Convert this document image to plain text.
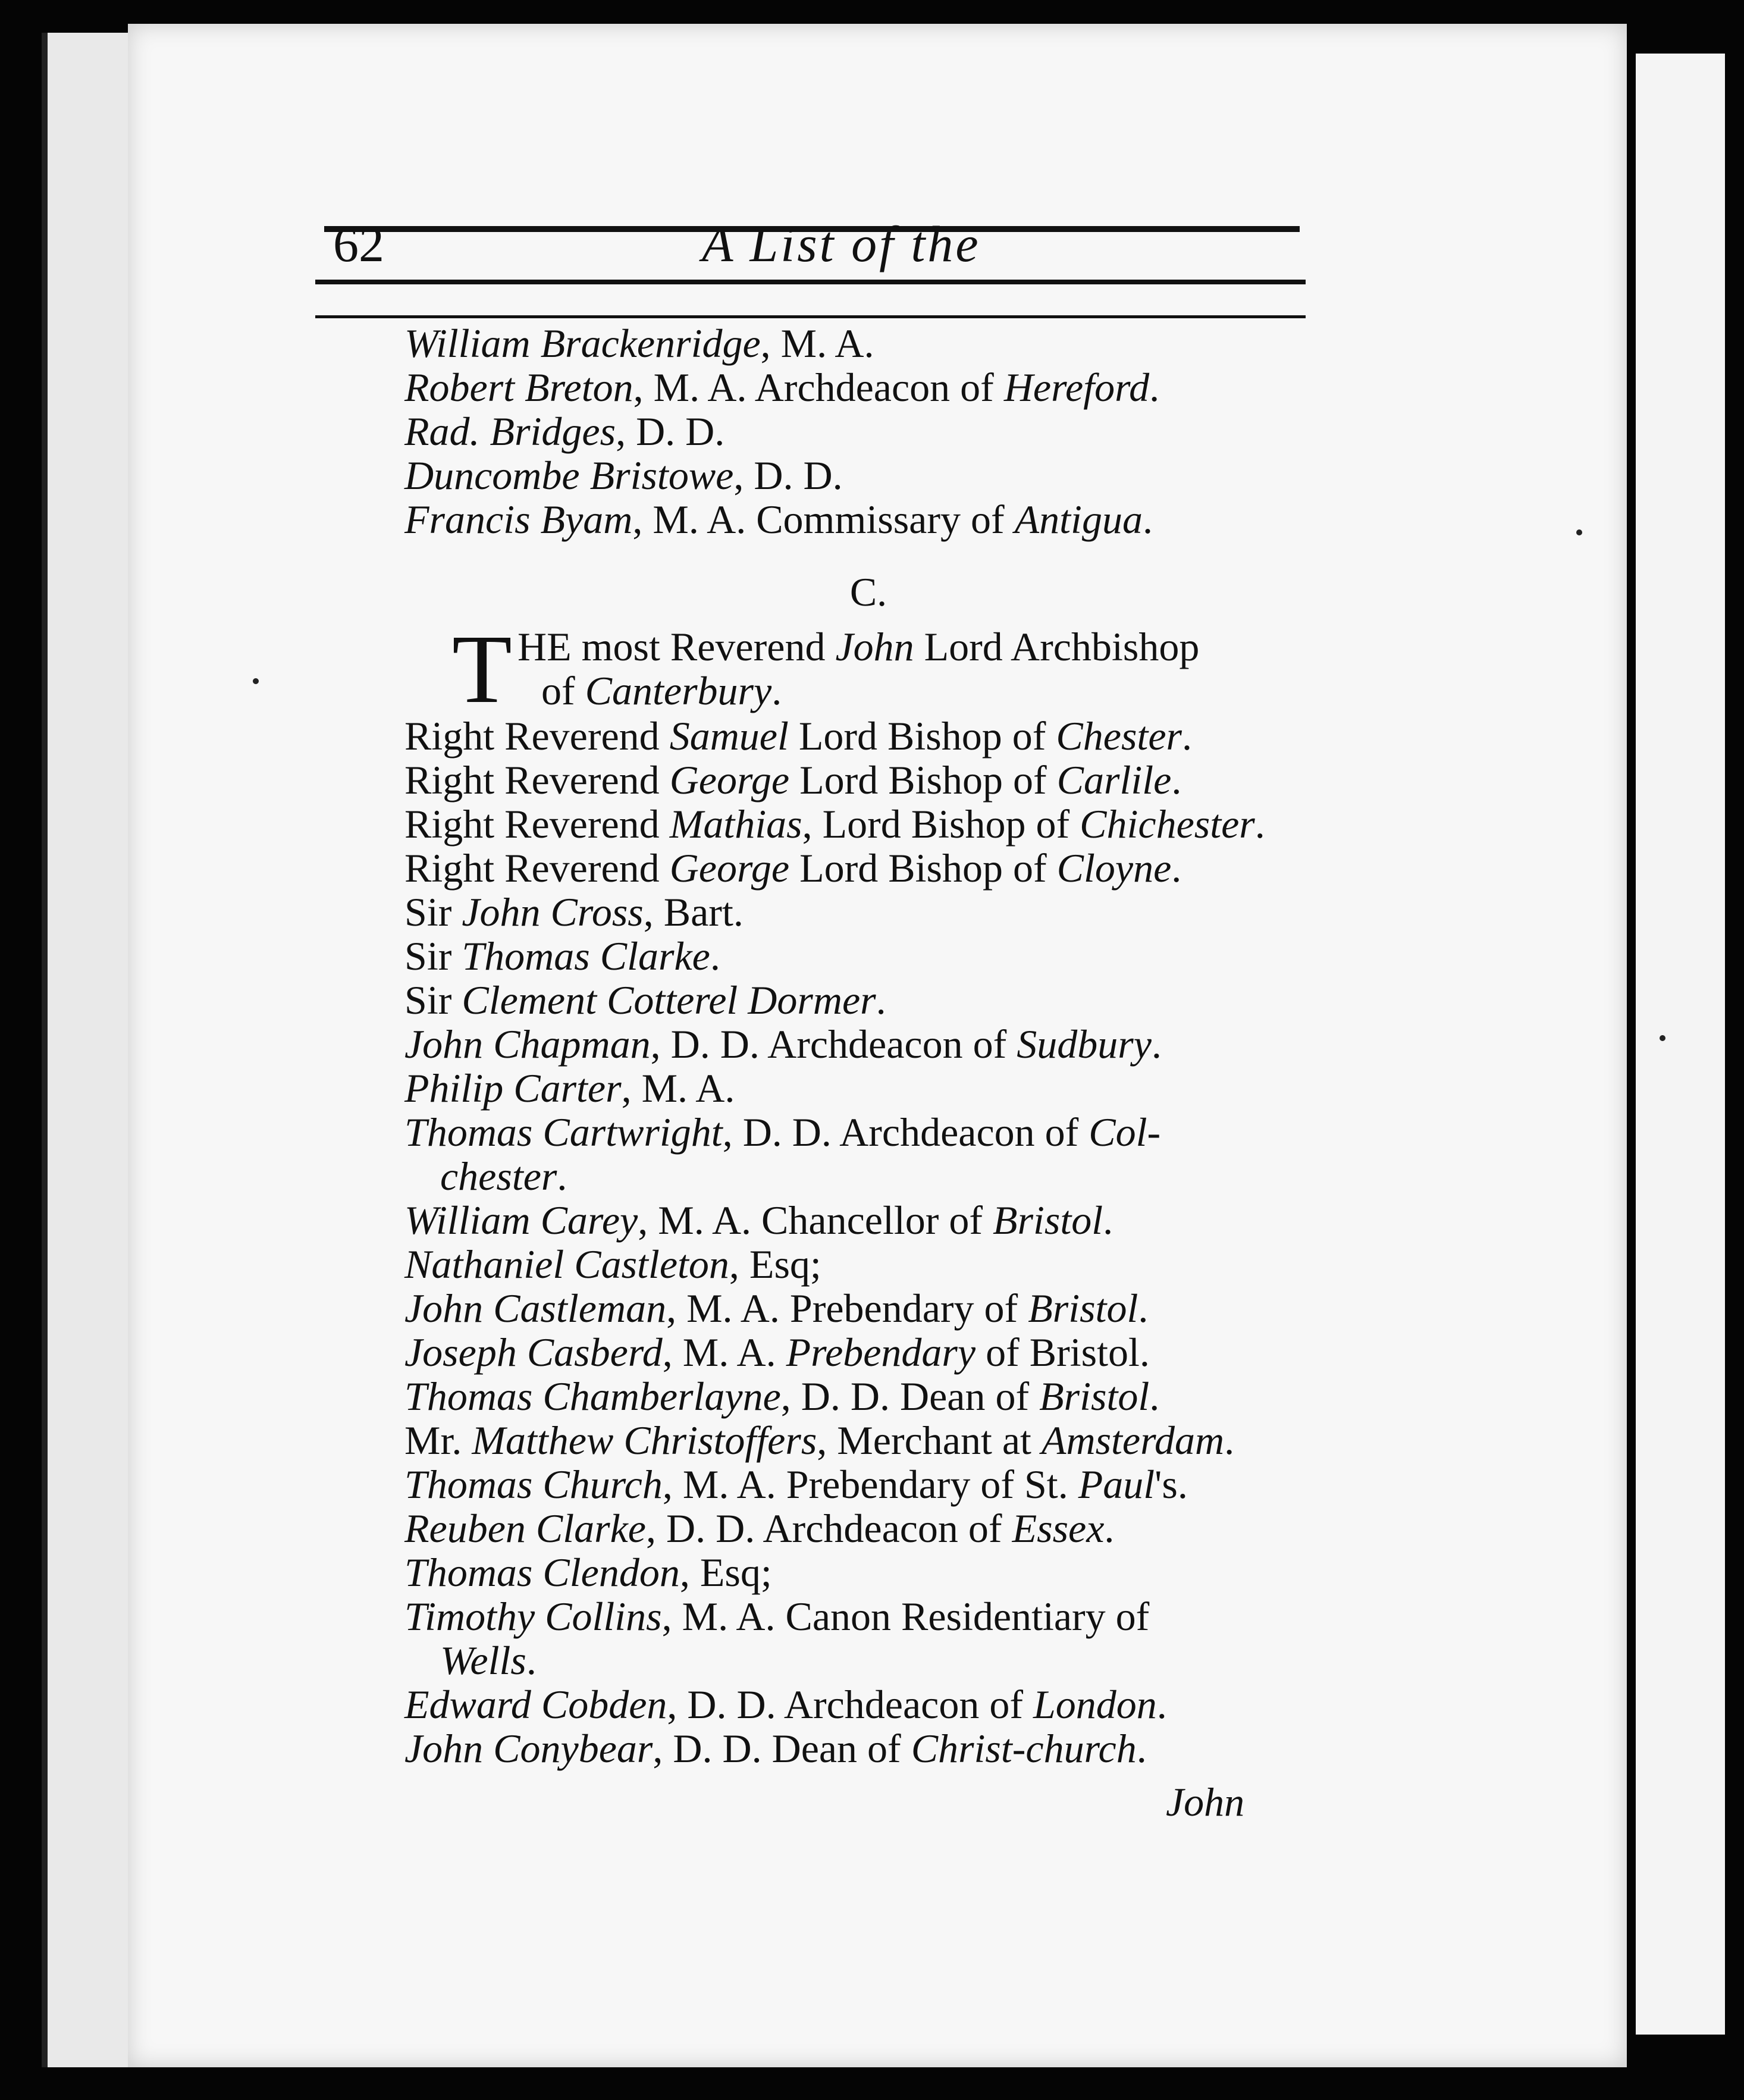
62	A List of the
William Brackenridge, M. A.
Robert Breton, M. A. Archdeacon of Hereford.
Rad. Bridges, D. D.
Duncombe Bristowe, D. D.
Francis Byam, M. A. Commissary of Antigua.
C.
T HE most Reverend John Lord Archbishop
of Canterbury.
Right Reverend Samuel Lord Bishop of Chester.
Right Reverend George Lord Bishop of Carlile.
Right Reverend Mathias, Lord Bishop of Chichester.
Right Reverend George Lord Bishop of Cloyne.
Sir John Cross, Bart.
Sir Thomas Clarke.
Sir Clement Cotterel Dormer.
John Chapman, D. D. Archdeacon of Sudbury.
Philip Carter, M. A.
Thomas Cartwright, D. D. Archdeacon of Col-
chester.
William Carey, M. A. Chancellor of Bristol.
Nathaniel Castleton, Esq;
John Castleman, M. A. Prebendary of Bristol.
Joseph Casberd, M. A. Prebendary of Bristol.
Thomas Chamberlayne, D. D. Dean of Bristol.
Mr. Matthew Christoffers, Merchant at Amsterdam.
Thomas Church, M. A. Prebendary of St. Paul's.
Reuben Clarke, D. D. Archdeacon of Essex.
Thomas Clendon, Esq;
Timothy Collins, M. A. Canon Residentiary of
Wells.
Edward Cobden, D. D. Archdeacon of London.
John Conybear, D. D. Dean of Christ-church.
John
